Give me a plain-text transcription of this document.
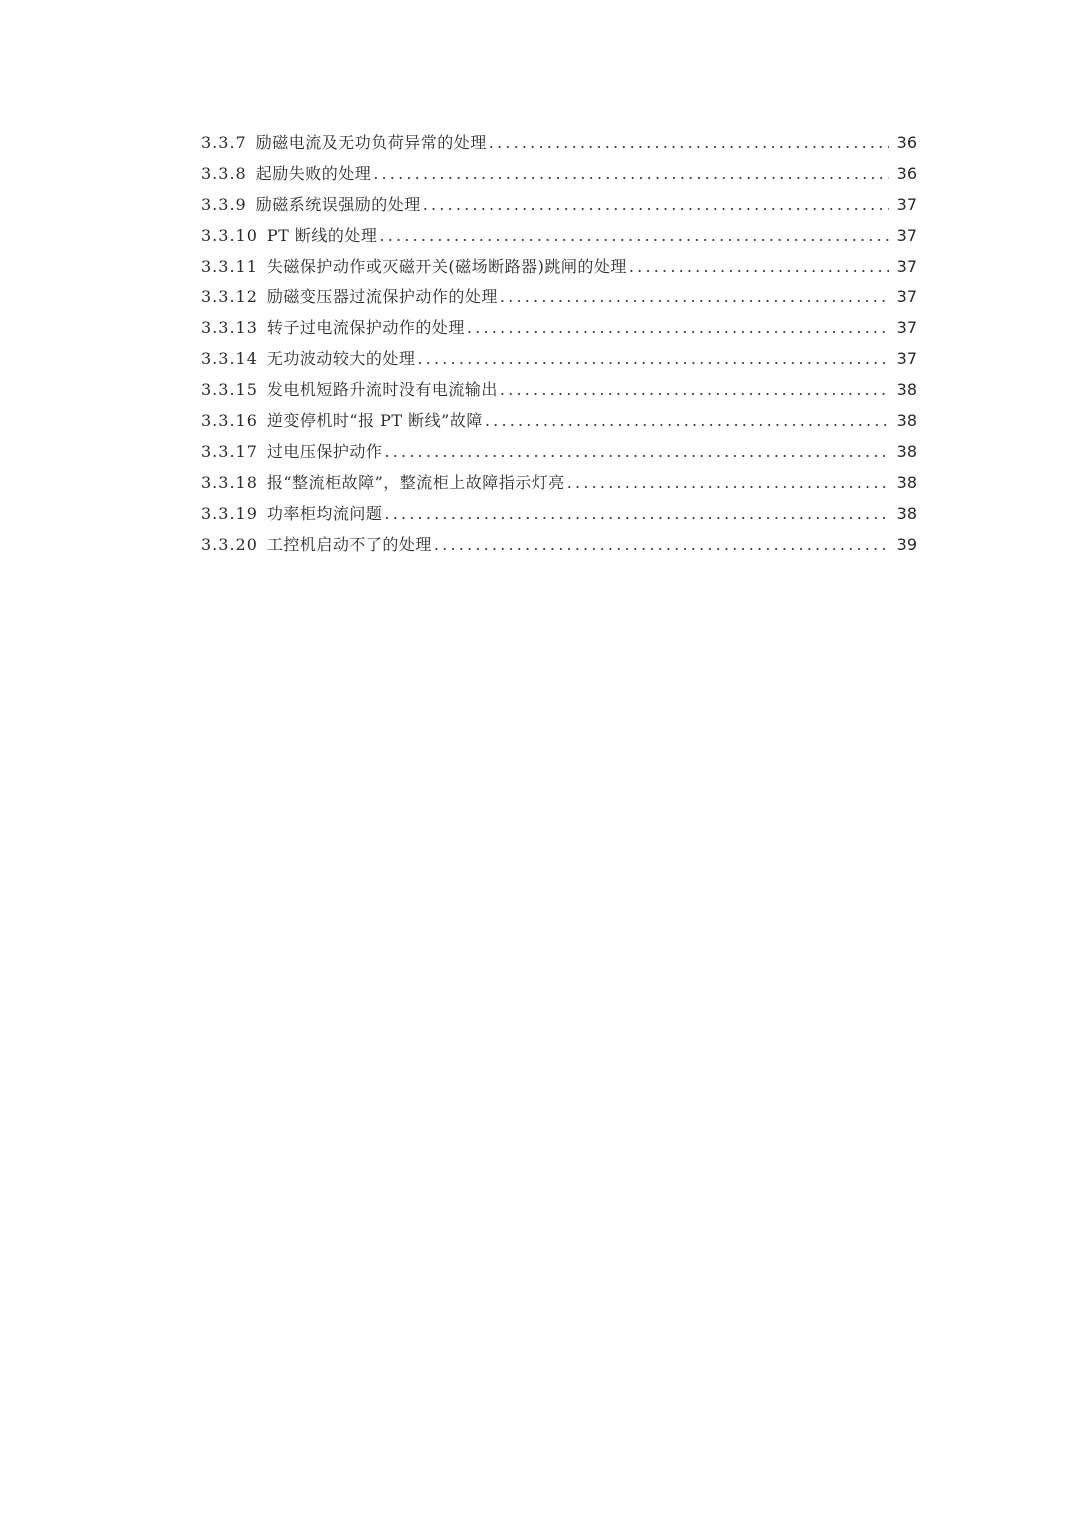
3.3.7 励磁电流及无功负荷异常的处理 .....	36
3.3.8 起励失败的处理 .....	36
3.3.9 励磁系统误强励的处理 .....	37
3.3.10 PT 断线的处理 .....	37
3.3.11 失磁保护动作或灭磁开关(磁场断路器)跳闸的处理 .....	37
3.3.12 励磁变压器过流保护动作的处理 .....	37
3.3.13 转子过电流保护动作的处理 .....	37
3.3.14 无功波动较大的处理 .....	37
3.3.15 发电机短路升流时没有电流输出 .....	38
3.3.16 逆变停机时“报 PT 断线”故障 .....	38
3.3.17 过电压保护动作 .....	38
3.3.18 报“整流柜故障”，整流柜上故障指示灯亮 .....	38
3.3.19 功率柜均流问题 .....	38
3.3.20 工控机启动不了的处理 .....	39
